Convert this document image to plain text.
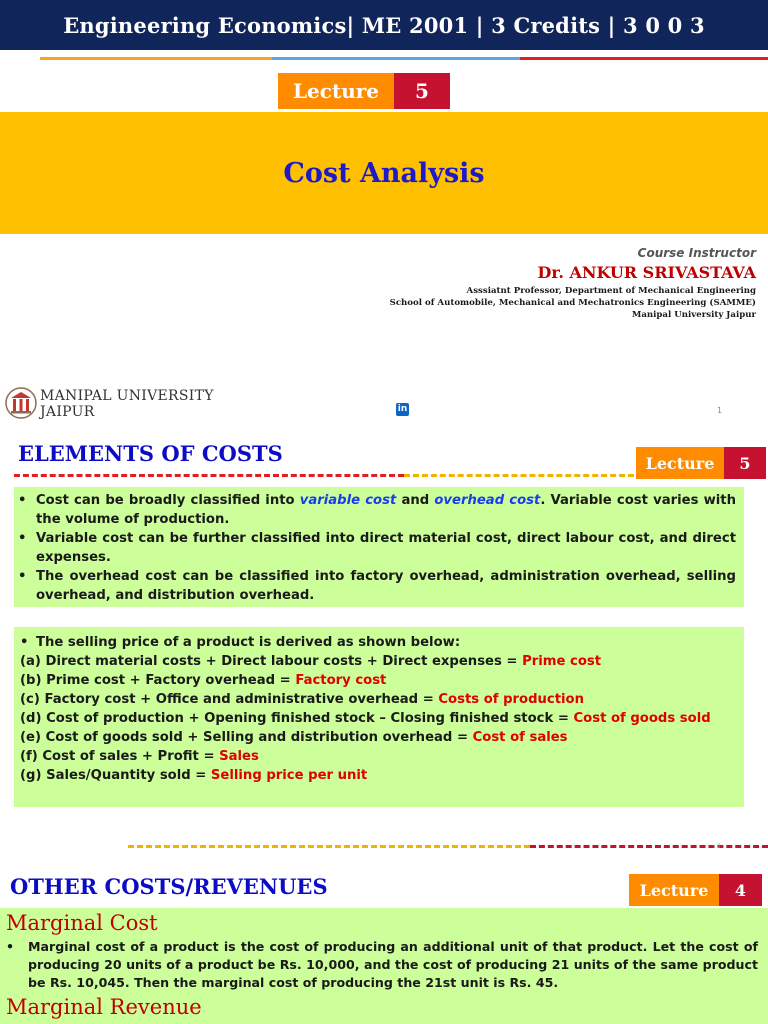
Engineering Economics| ME 2001 | 3 Credits | 3 0 0 3
Lecture	5
Cost Analysis
Course Instructor
Dr. ANKUR SRIVASTAVA
Asssiatnt Professor, Department of Mechanical Engineering
School of Automobile, Mechanical and Mechatronics Engineering (SAMME)
Manipal University Jaipur
MANIPAL UNIVERSITY
JAIPUR	in	1
ELEMENTS OF COSTS	Lecture	5
• Cost can be broadly classified into variable cost and overhead cost. Variable cost varies with the volume of production.
• Variable cost can be further classified into direct material cost, direct labour cost, and direct expenses.
• The overhead cost can be classified into factory overhead, administration overhead, selling overhead, and distribution overhead.
• The selling price of a product is derived as shown below:
(a) Direct material costs + Direct labour costs + Direct expenses = Prime cost
(b) Prime cost + Factory overhead = Factory cost
(c) Factory cost + Office and administrative overhead = Costs of production
(d) Cost of production + Opening finished stock – Closing finished stock = Cost of goods sold
(e) Cost of goods sold + Selling and distribution overhead = Cost of sales
(f) Cost of sales + Profit = Sales
(g) Sales/Quantity sold = Selling price per unit
2
OTHER COSTS/REVENUES	Lecture	4
Marginal Cost
• Marginal cost of a product is the cost of producing an additional unit of that product. Let the cost of producing 20 units of a product be Rs. 10,000, and the cost of producing 21 units of the same product be Rs. 10,045. Then the marginal cost of producing the 21st unit is Rs. 45.
Marginal Revenue
